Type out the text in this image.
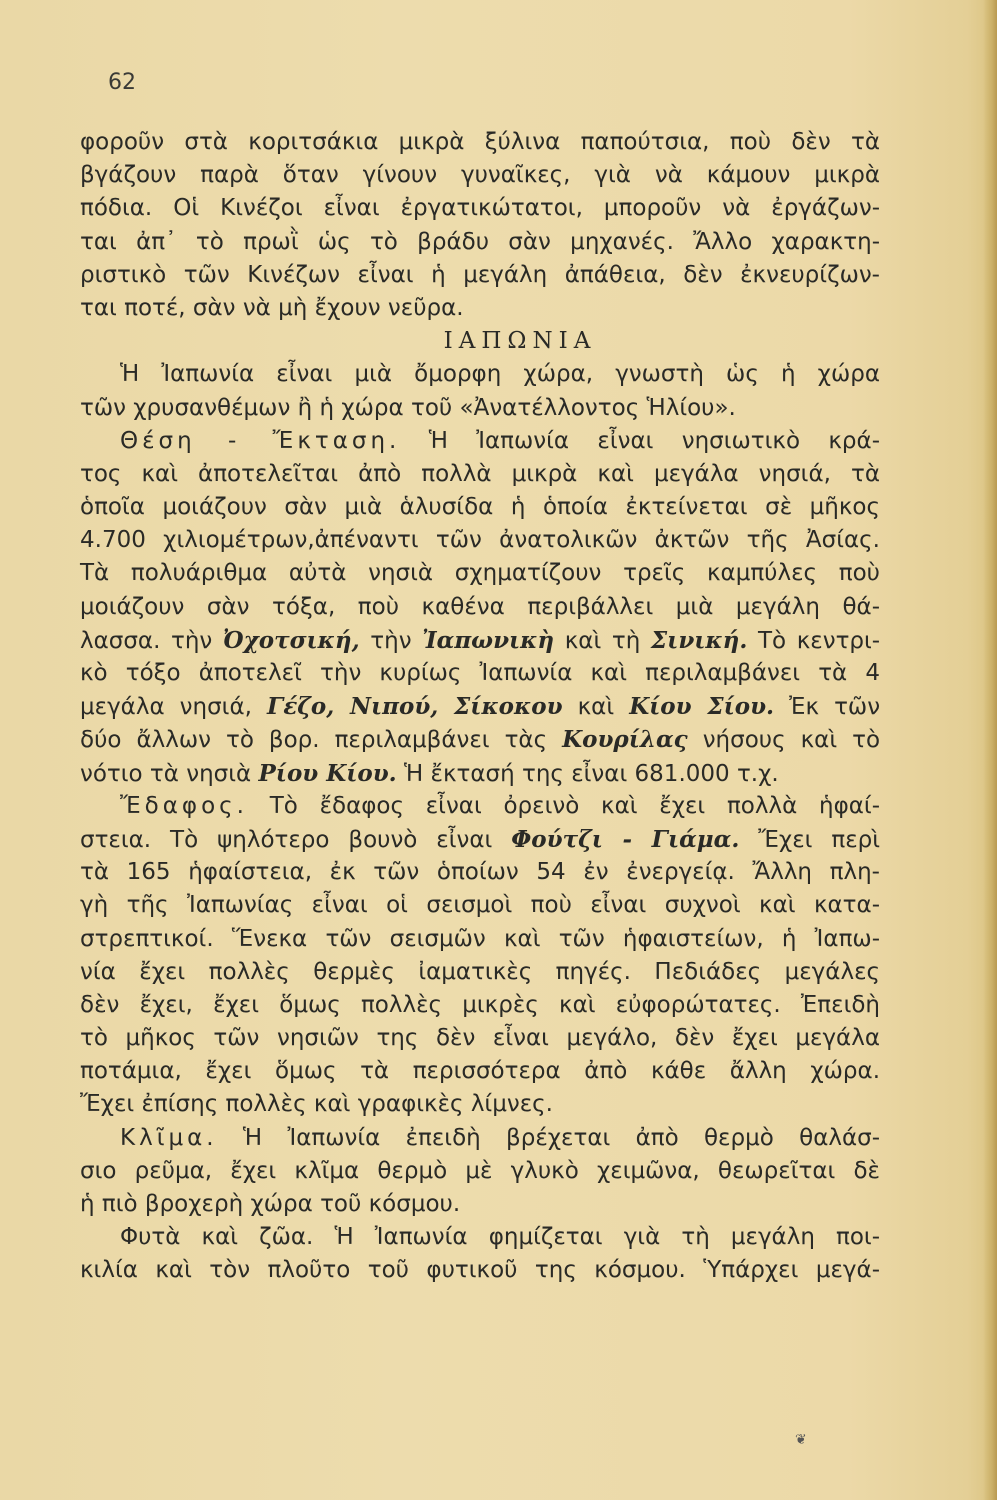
62
φοροῦν στὰ κοριτσάκια μικρὰ ξύλινα παπούτσια, ποὺ δὲν τὰ
βγάζουν παρὰ ὅταν γίνουν γυναῖκες, γιὰ νὰ κάμουν μικρὰ
πόδια. Οἱ Κινέζοι εἶναι ἐργατικώτατοι, μποροῦν νὰ ἐργάζων-
ται ἀπ᾿ τὸ πρωῒ ὡς τὸ βράδυ σὰν μηχανές. Ἄλλο χαρακτη-
ριστικὸ τῶν Κινέζων εἶναι ἡ μεγάλη ἀπάθεια, δὲν ἐκνευρίζων-
ται ποτέ, σὰν νὰ μὴ ἔχουν νεῦρα.
ΙΑΠΩΝΙΑ
Ἡ Ἰαπωνία εἶναι μιὰ ὄμορφη χώρα, γνωστὴ ὡς ἡ χώρα
τῶν χρυσανθέμων ἢ ἡ χώρα τοῦ «Ἀνατέλλοντος Ἡλίου».
Θέση - Ἔκταση. Ἡ Ἰαπωνία εἶναι νησιωτικὸ κρά-
τος καὶ ἀποτελεῖται ἀπὸ πολλὰ μικρὰ καὶ μεγάλα νησιά, τὰ
ὁποῖα μοιάζουν σὰν μιὰ ἁλυσίδα ἡ ὁποία ἐκτείνεται σὲ μῆκος
4.700 χιλιομέτρων,ἀπέναντι τῶν ἀνατολικῶν ἀκτῶν τῆς Ἀσίας.
Τὰ πολυάριθμα αὐτὰ νησιὰ σχηματίζουν τρεῖς καμπύλες ποὺ
μοιάζουν σὰν τόξα, ποὺ καθένα περιβάλλει μιὰ μεγάλη θά-
λασσα. τὴν Ὀχοτσική, τὴν Ἰαπωνικὴ καὶ τὴ Σινική. Τὸ κεντρι-
κὸ τόξο ἀποτελεῖ τὴν κυρίως Ἰαπωνία καὶ περιλαμβάνει τὰ 4
μεγάλα νησιά, Γέζο, Νιπού, Σίκοκου καὶ Κίου Σίου. Ἐκ τῶν
δύο ἄλλων τὸ βορ. περιλαμβάνει τὰς Κουρίλας νήσους καὶ τὸ
νότιο τὰ νησιὰ Ρίου Κίου. Ἡ ἔκτασή της εἶναι 681.000 τ.χ.
Ἔδαφος. Τὸ ἔδαφος εἶναι ὀρεινὸ καὶ ἔχει πολλὰ ἡφαί-
στεια. Τὸ ψηλότερο βουνὸ εἶναι Φούτζι - Γιάμα. Ἔχει περὶ
τὰ 165 ἡφαίστεια, ἐκ τῶν ὁποίων 54 ἐν ἐνεργείᾳ. Ἄλλη πλη-
γὴ τῆς Ἰαπωνίας εἶναι οἱ σεισμοὶ ποὺ εἶναι συχνοὶ καὶ κατα-
στρεπτικοί. Ἕνεκα τῶν σεισμῶν καὶ τῶν ἡφαιστείων, ἡ Ἰαπω-
νία ἔχει πολλὲς θερμὲς ἰαματικὲς πηγές. Πεδιάδες μεγάλες
δὲν ἔχει, ἔχει ὅμως πολλὲς μικρὲς καὶ εὐφορώτατες. Ἐπειδὴ
τὸ μῆκος τῶν νησιῶν της δὲν εἶναι μεγάλο, δὲν ἔχει μεγάλα
ποτάμια, ἔχει ὅμως τὰ περισσότερα ἀπὸ κάθε ἄλλη χώρα.
Ἔχει ἐπίσης πολλὲς καὶ γραφικὲς λίμνες.
Κλῖμα. Ἡ Ἰαπωνία ἐπειδὴ βρέχεται ἀπὸ θερμὸ θαλάσ-
σιο ρεῦμα, ἔχει κλῖμα θερμὸ μὲ γλυκὸ χειμῶνα, θεωρεῖται δὲ
ἡ πιὸ βροχερὴ χώρα τοῦ κόσμου.
Φυτὰ καὶ ζῶα. Ἡ Ἰαπωνία φημίζεται γιὰ τὴ μεγάλη ποι-
κιλία καὶ τὸν πλοῦτο τοῦ φυτικοῦ της κόσμου. Ὑπάρχει μεγά-
❦
